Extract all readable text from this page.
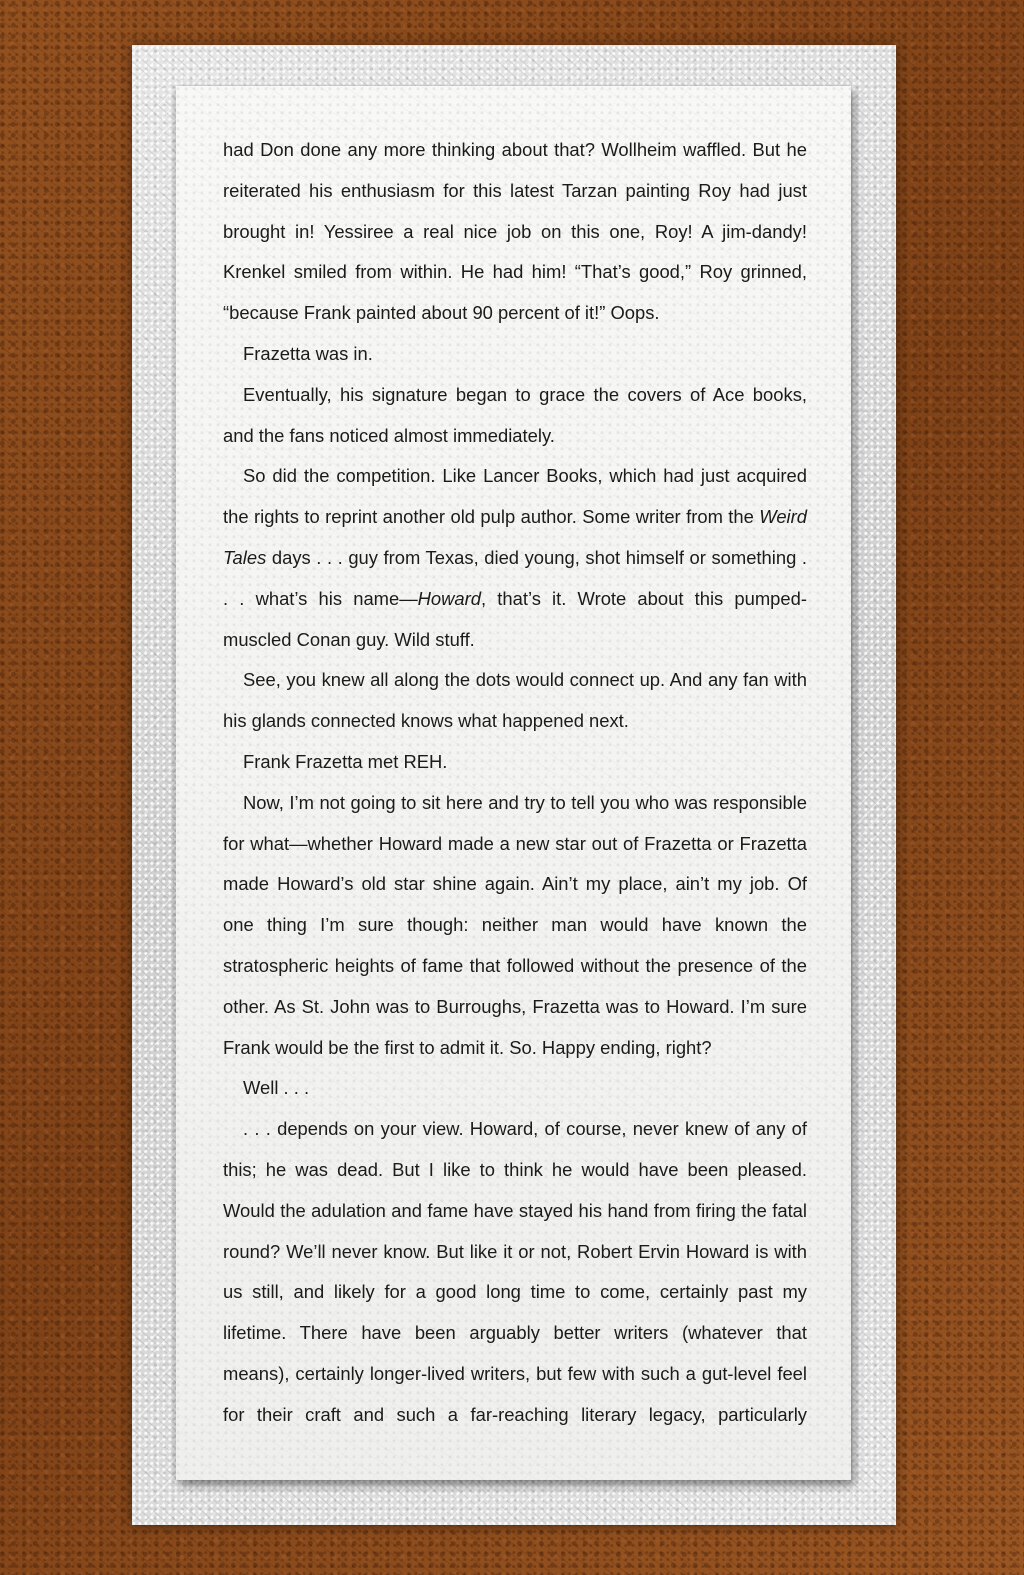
had Don done any more thinking about that? Wollheim waffled. But he reiterated his enthusiasm for this latest Tarzan painting Roy had just brought in! Yessiree a real nice job on this one, Roy! A jim-dandy! Krenkel smiled from within. He had him! “That’s good,” Roy grinned, “because Frank painted about 90 percent of it!” Oops.

Frazetta was in.

Eventually, his signature began to grace the covers of Ace books, and the fans noticed almost immediately.

So did the competition. Like Lancer Books, which had just acquired the rights to reprint another old pulp author. Some writer from the Weird Tales days . . . guy from Texas, died young, shot himself or something . . . what’s his name—Howard, that’s it. Wrote about this pumped-muscled Conan guy. Wild stuff.

See, you knew all along the dots would connect up. And any fan with his glands connected knows what happened next.

Frank Frazetta met REH.

Now, I’m not going to sit here and try to tell you who was responsible for what—whether Howard made a new star out of Frazetta or Frazetta made Howard’s old star shine again. Ain’t my place, ain’t my job. Of one thing I’m sure though: neither man would have known the stratospheric heights of fame that followed without the presence of the other. As St. John was to Burroughs, Frazetta was to Howard. I’m sure Frank would be the first to admit it. So. Happy ending, right?

Well . . .

. . . depends on your view. Howard, of course, never knew of any of this; he was dead. But I like to think he would have been pleased. Would the adulation and fame have stayed his hand from firing the fatal round? We’ll never know. But like it or not, Robert Ervin Howard is with us still, and likely for a good long time to come, certainly past my lifetime. There have been arguably better writers (whatever that means), certainly longer-lived writers, but few with such a gut-level feel for their craft and such a far-reaching literary legacy, particularly
